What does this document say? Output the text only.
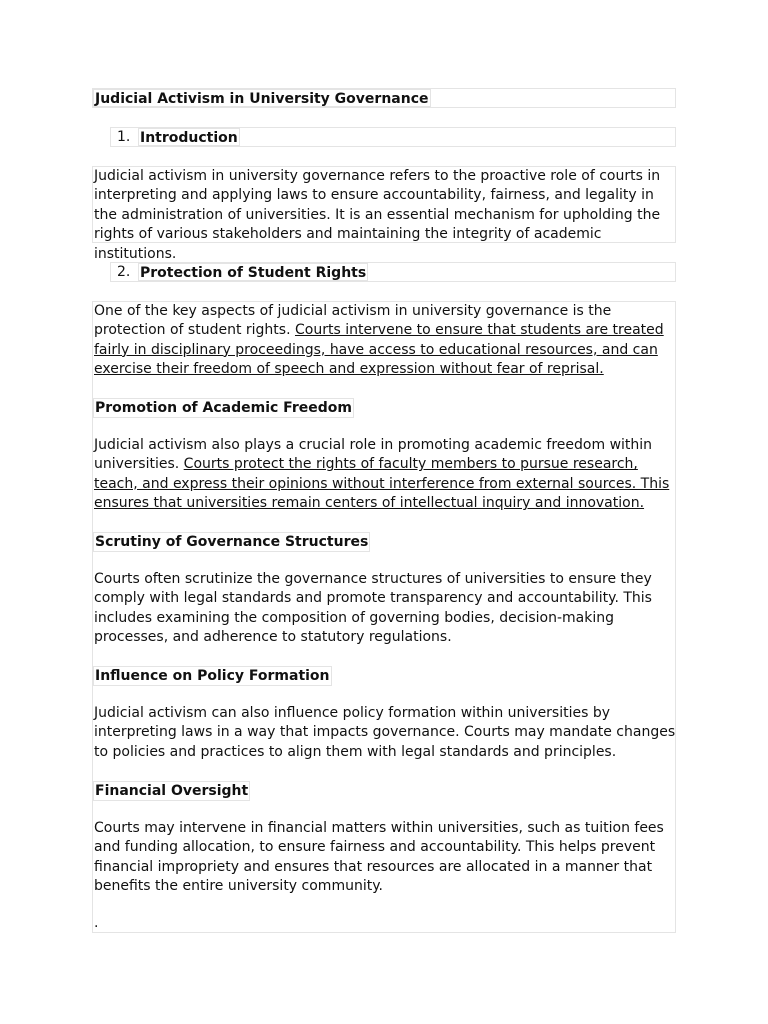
Judicial Activism in University Governance
1. Introduction
Judicial activism in university governance refers to the proactive role of courts in interpreting and applying laws to ensure accountability, fairness, and legality in the administration of universities. It is an essential mechanism for upholding the rights of various stakeholders and maintaining the integrity of academic institutions.
2. Protection of Student Rights

One of the key aspects of judicial activism in university governance is the protection of student rights. Courts intervene to ensure that students are treated fairly in disciplinary proceedings, have access to educational resources, and can exercise their freedom of speech and expression without fear of reprisal.

Promotion of Academic Freedom

Judicial activism also plays a crucial role in promoting academic freedom within universities. Courts protect the rights of faculty members to pursue research, teach, and express their opinions without interference from external sources. This ensures that universities remain centers of intellectual inquiry and innovation.

Scrutiny of Governance Structures

Courts often scrutinize the governance structures of universities to ensure they comply with legal standards and promote transparency and accountability. This includes examining the composition of governing bodies, decision-making processes, and adherence to statutory regulations.

Influence on Policy Formation

Judicial activism can also influence policy formation within universities by interpreting laws in a way that impacts governance. Courts may mandate changes to policies and practices to align them with legal standards and principles.

Financial Oversight

Courts may intervene in financial matters within universities, such as tuition fees and funding allocation, to ensure fairness and accountability. This helps prevent financial impropriety and ensures that resources are allocated in a manner that benefits the entire university community.

.
